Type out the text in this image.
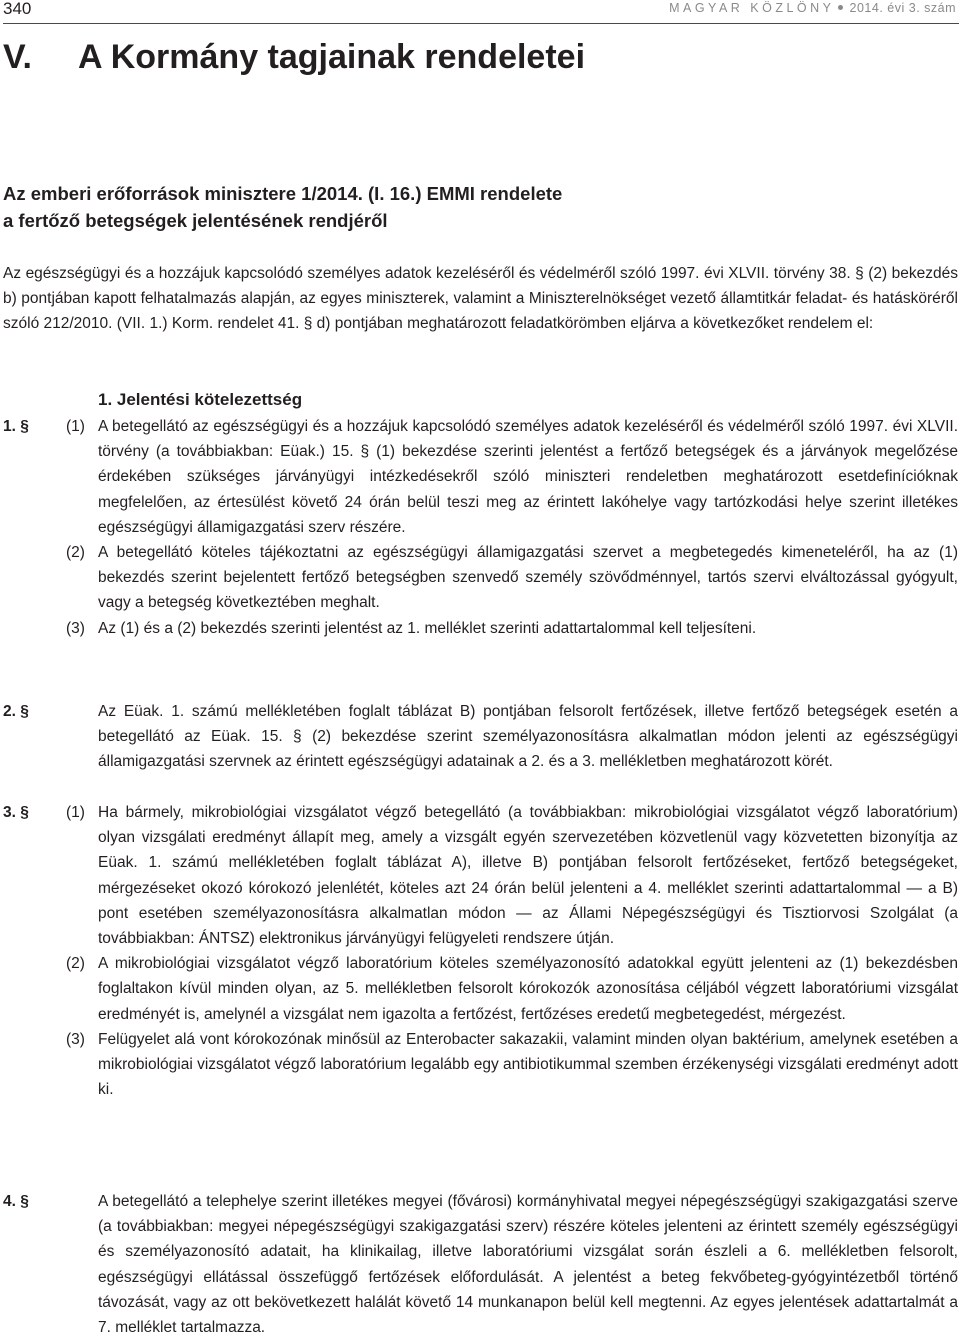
340	MAGYAR KÖZLÖNY 2014. évi 3. szám
V. A Kormány tagjainak rendeletei
Az emberi erőforrások minisztere 1/2014. (I. 16.) EMMI rendelete
a fertőző betegségek jelentésének rendjéről
Az egészségügyi és a hozzájuk kapcsolódó személyes adatok kezeléséről és védelméről szóló 1997. évi XLVII. törvény 38. § (2) bekezdés b) pontjában kapott felhatalmazás alapján, az egyes miniszterek, valamint a Miniszterelnökséget vezető államtitkár feladat- és hatásköréről szóló 212/2010. (VII. 1.) Korm. rendelet 41. § d) pontjában meghatározott feladatkörömben eljárva a következőket rendelem el:
1. Jelentési kötelezettség
1. § (1) A betegellátó az egészségügyi és a hozzájuk kapcsolódó személyes adatok kezeléséről és védelméről szóló 1997. évi XLVII. törvény (a továbbiakban: Eüak.) 15. § (1) bekezdése szerinti jelentést a fertőző betegségek és a járványok megelőzése érdekében szükséges járványügyi intézkedésekről szóló miniszteri rendeletben meghatározott esetdefinícióknak megfelelően, az értesülést követő 24 órán belül teszi meg az érintett lakóhelye vagy tartózkodási helye szerint illetékes egészségügyi államigazgatási szerv részére.
(2) A betegellátó köteles tájékoztatni az egészségügyi államigazgatási szervet a megbetegedés kimeneteléről, ha az (1) bekezdés szerint bejelentett fertőző betegségben szenvedő személy szövődménnyel, tartós szervi elváltozással gyógyult, vagy a betegség következtében meghalt.
(3) Az (1) és a (2) bekezdés szerinti jelentést az 1. melléklet szerinti adattartalommal kell teljesíteni.
2. §	Az Eüak. 1. számú mellékletében foglalt táblázat B) pontjában felsorolt fertőzések, illetve fertőző betegségek esetén a betegellátó az Eüak. 15. § (2) bekezdése szerint személyazonosításra alkalmatlan módon jelenti az egészségügyi államigazgatási szervnek az érintett egészségügyi adatainak a 2. és a 3. mellékletben meghatározott körét.
3. § (1) Ha bármely, mikrobiológiai vizsgálatot végző betegellátó (a továbbiakban: mikrobiológiai vizsgálatot végző laboratórium) olyan vizsgálati eredményt állapít meg, amely a vizsgált egyén szervezetében közvetlenül vagy közvetetten bizonyítja az Eüak. 1. számú mellékletében foglalt táblázat A), illetve B) pontjában felsorolt fertőzéseket, fertőző betegségeket, mérgezéseket okozó kórokozó jelenlétét, köteles azt 24 órán belül jelenteni a 4. melléklet szerinti adattartalommal — a B) pont esetében személyazonosításra alkalmatlan módon — az Állami Népegészségügyi és Tisztiorvosi Szolgálat (a továbbiakban: ÁNTSZ) elektronikus járványügyi felügyeleti rendszere útján.
(2) A mikrobiológiai vizsgálatot végző laboratórium köteles személyazonosító adatokkal együtt jelenteni az (1) bekezdésben foglaltakon kívül minden olyan, az 5. mellékletben felsorolt kórokozók azonosítása céljából végzett laboratóriumi vizsgálat eredményét is, amelynél a vizsgálat nem igazolta a fertőzést, fertőzéses eredetű megbetegedést, mérgezést.
(3) Felügyelet alá vont kórokozónak minősül az Enterobacter sakazakii, valamint minden olyan baktérium, amelynek esetében a mikrobiológiai vizsgálatot végző laboratórium legalább egy antibiotikummal szemben érzékenységi vizsgálati eredményt adott ki.
4. §	A betegellátó a telephelye szerint illetékes megyei (fővárosi) kormányhivatal megyei népegészségügyi szakigazgatási szerve (a továbbiakban: megyei népegészségügyi szakigazgatási szerv) részére köteles jelenteni az érintett személy egészségügyi és személyazonosító adatait, ha klinikailag, illetve laboratóriumi vizsgálat során észleli a 6. mellékletben felsorolt, egészségügyi ellátással összefüggő fertőzések előfordulását. A jelentést a beteg fekvőbeteg-gyógyintézetből történő távozását, vagy az ott bekövetkezett halálát követő 14 munkanapon belül kell megtenni. Az egyes jelentések adattartalmát a 7. melléklet tartalmazza.
